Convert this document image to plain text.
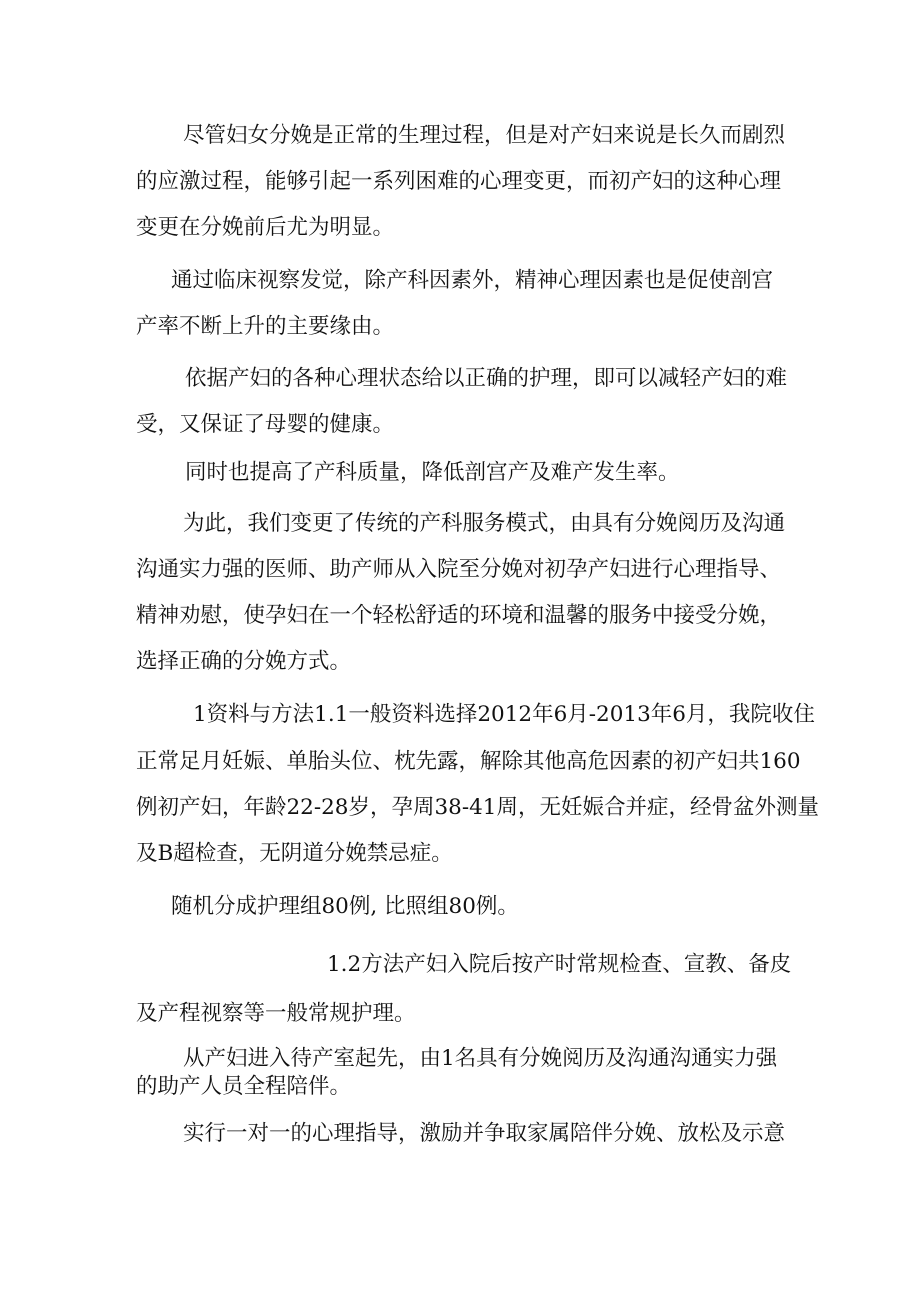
尽管妇女分娩是正常的生理过程，但是对产妇来说是长久而剧烈

的应激过程，能够引起一系列困难的心理变更，而初产妇的这种心理

变更在分娩前后尤为明显。

通过临床视察发觉，除产科因素外，精神心理因素也是促使剖宫

产率不断上升的主要缘由。

依据产妇的各种心理状态给以正确的护理，即可以减轻产妇的难

受，又保证了母婴的健康。

同时也提高了产科质量，降低剖宫产及难产发生率。

为此，我们变更了传统的产科服务模式，由具有分娩阅历及沟通

沟通实力强的医师、助产师从入院至分娩对初孕产妇进行心理指导、

精神劝慰，使孕妇在一个轻松舒适的环境和温馨的服务中接受分娩，

选择正确的分娩方式。

1资料与方法1.1一般资料选择2012年6月-2013年6月，我院收住

正常足月妊娠、单胎头位、枕先露，解除其他高危因素的初产妇共160

例初产妇，年龄22-28岁，孕周38-41周，无妊娠合并症，经骨盆外测量

及B超检查，无阴道分娩禁忌症。

随机分成护理组80例, 比照组80例。

1.2方法产妇入院后按产时常规检查、宣教、备皮

及产程视察等一般常规护理。

从产妇进入待产室起先，由1名具有分娩阅历及沟通沟通实力强

的助产人员全程陪伴。

实行一对一的心理指导，激励并争取家属陪伴分娩、放松及示意
